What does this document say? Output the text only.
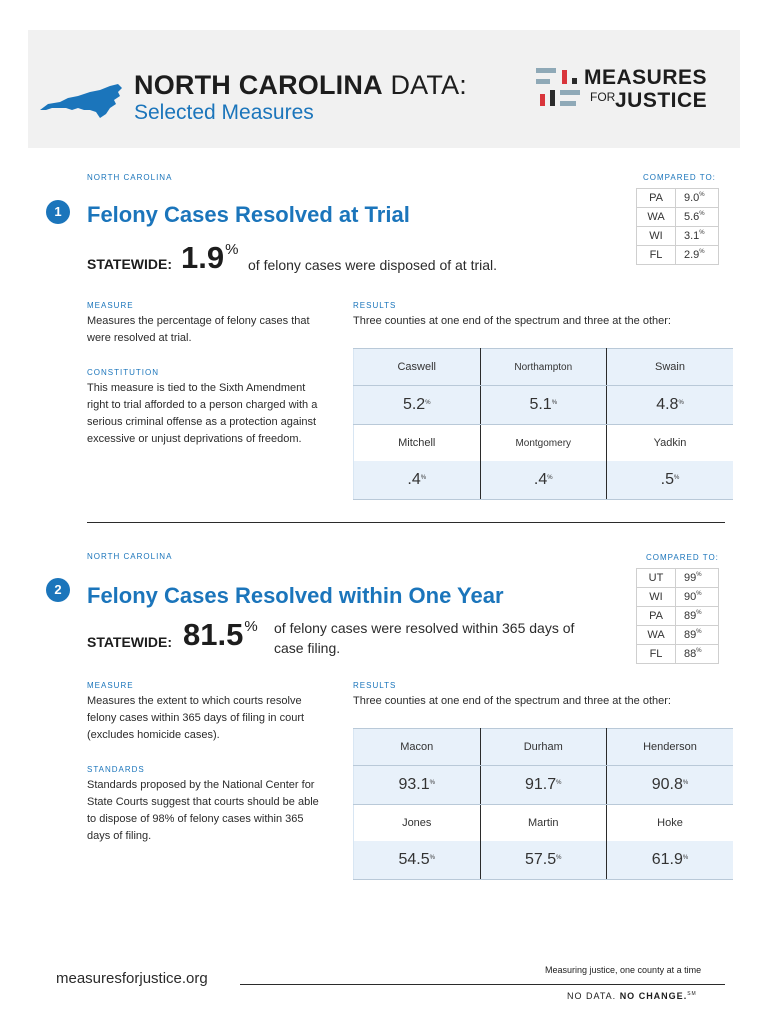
NORTH CAROLINA DATA:
Selected Measures
MEASURES
FOR JUSTICE
NORTH CAROLINA
1	Felony Cases Resolved at Trial
STATEWIDE: 1.9%
of felony cases were disposed of at trial.
COMPARED TO:
PA	9.0%
WA	5.6%
WI	3.1%
FL	2.9%
MEASURE
Measures the percentage of felony cases that were resolved at trial.
CONSTITUTION
This measure is tied to the Sixth Amendment right to trial afforded to a person charged with a serious criminal offense as a protection against excessive or unjust deprivations of freedom.
RESULTS
Three counties at one end of the spectrum and three at the other:
Caswell	Northampton	Swain
5.2%	5.1%	4.8%
Mitchell	Montgomery	Yadkin
.4%	.4%	.5%
NORTH CAROLINA
2	Felony Cases Resolved within One Year
STATEWIDE: 81.5% of felony cases were resolved within 365 days of case filing.
COMPARED TO:
UT	99%
WI	90%
PA	89%
WA	89%
FL	88%
MEASURE
Measures the extent to which courts resolve felony cases within 365 days of filing in court (excludes homicide cases).
STANDARDS
Standards proposed by the National Center for State Courts suggest that courts should be able to dispose of 98% of felony cases within 365 days of filing.
RESULTS
Three counties at one end of the spectrum and three at the other:
Macon	Durham	Henderson
93.1%	91.7%	90.8%
Jones	Martin	Hoke
54.5%	57.5%	61.9%
measuresforjustice.org	Measuring justice, one county at a time
NO DATA. NO CHANGE.℠
